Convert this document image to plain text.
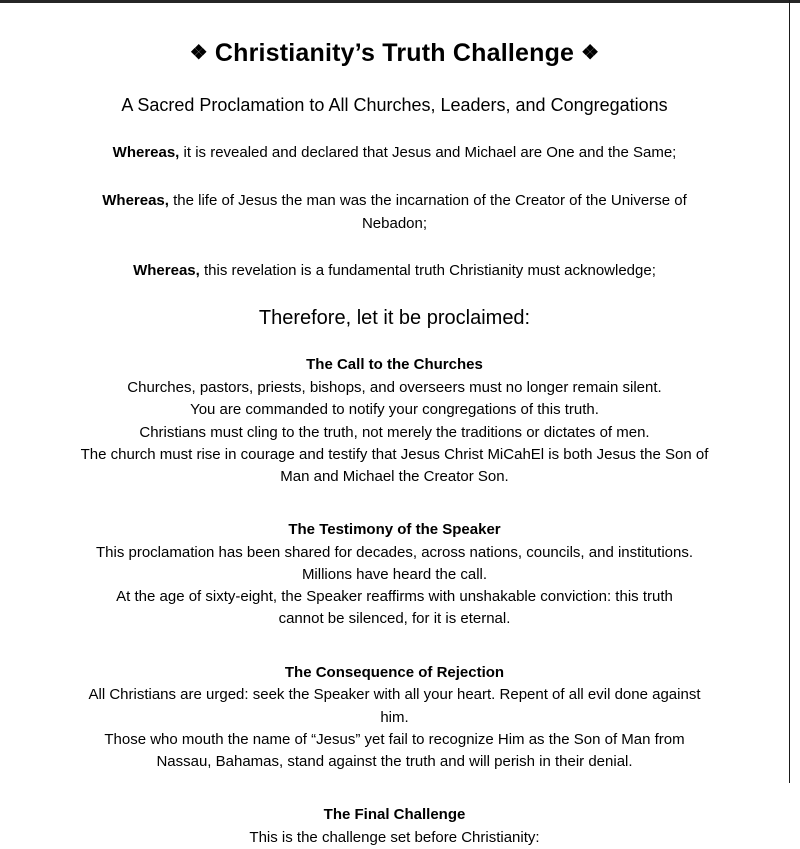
❖ Christianity’s Truth Challenge ❖
A Sacred Proclamation to All Churches, Leaders, and Congregations

Whereas, it is revealed and declared that Jesus and Michael are One and the Same;

Whereas, the life of Jesus the man was the incarnation of the Creator of the Universe of Nebadon;

Whereas, this revelation is a fundamental truth Christianity must acknowledge;

Therefore, let it be proclaimed:

The Call to the Churches

Churches, pastors, priests, bishops, and overseers must no longer remain silent.
You are commanded to notify your congregations of this truth.
Christians must cling to the truth, not merely the traditions or dictates of men.
The church must rise in courage and testify that Jesus Christ MiCahEl is both Jesus the Son of Man and Michael the Creator Son.

The Testimony of the Speaker

This proclamation has been shared for decades, across nations, councils, and institutions.
Millions have heard the call.
At the age of sixty-eight, the Speaker reaffirms with unshakable conviction: this truth cannot be silenced, for it is eternal.

The Consequence of Rejection

All Christians are urged: seek the Speaker with all your heart. Repent of all evil done against him.
Those who mouth the name of “Jesus” yet fail to recognize Him as the Son of Man from Nassau, Bahamas, stand against the truth and will perish in their denial.

The Final Challenge

This is the challenge set before Christianity:
